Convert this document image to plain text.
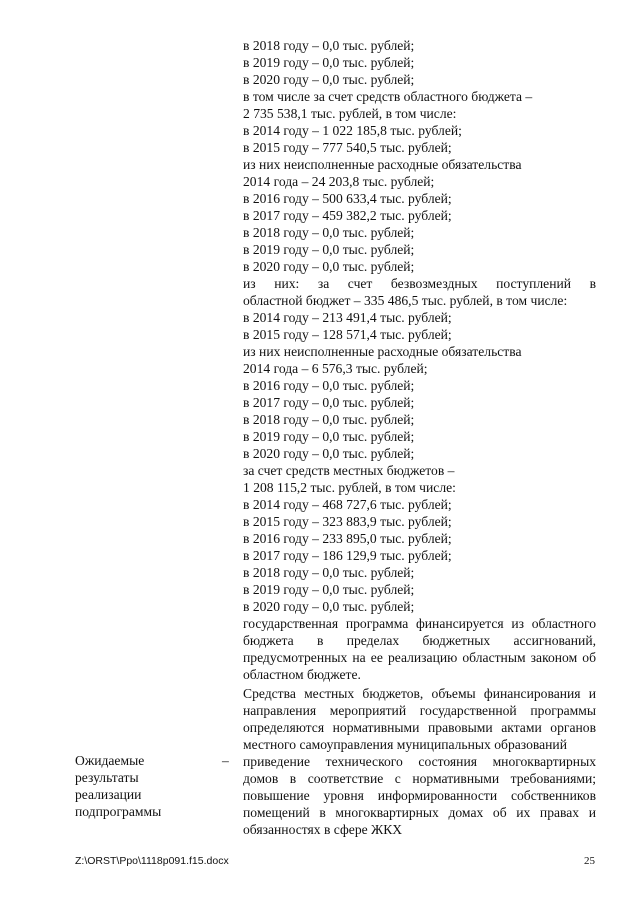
в 2018 году – 0,0 тыс. рублей;
в 2019 году – 0,0 тыс. рублей;
в 2020 году – 0,0 тыс. рублей;
в том числе за счет средств областного бюджета –
2 735 538,1 тыс. рублей, в том числе:
в 2014 году – 1 022 185,8 тыс. рублей;
в 2015 году – 777 540,5 тыс. рублей;
из них неисполненные расходные обязательства
2014 года – 24 203,8 тыс. рублей;
в 2016 году – 500 633,4 тыс. рублей;
в 2017 году – 459 382,2 тыс. рублей;
в 2018 году – 0,0 тыс. рублей;
в 2019 году – 0,0 тыс. рублей;
в 2020 году – 0,0 тыс. рублей;
из них: за счет безвозмездных поступлений в
областной бюджет – 335 486,5 тыс. рублей, в том числе:
в 2014 году – 213 491,4 тыс. рублей;
в 2015 году – 128 571,4 тыс. рублей;
из них неисполненные расходные обязательства
2014 года – 6 576,3 тыс. рублей;
в 2016 году – 0,0 тыс. рублей;
в 2017 году – 0,0 тыс. рублей;
в 2018 году – 0,0 тыс. рублей;
в 2019 году – 0,0 тыс. рублей;
в 2020 году – 0,0 тыс. рублей;
за счет средств местных бюджетов –
1 208 115,2 тыс. рублей, в том числе:
в 2014 году – 468 727,6 тыс. рублей;
в 2015 году – 323 883,9 тыс. рублей;
в 2016 году – 233 895,0 тыс. рублей;
в 2017 году – 186 129,9 тыс. рублей;
в 2018 году – 0,0 тыс. рублей;
в 2019 году – 0,0 тыс. рублей;
в 2020 году – 0,0 тыс. рублей;
государственная программа финансируется из областного
бюджета в пределах бюджетных ассигнований,
предусмотренных на ее реализацию областным законом об
областном бюджете.
Средства местных бюджетов, объемы финансирования и
направления мероприятий государственной программы
определяются нормативными правовыми актами органов
местного самоуправления муниципальных образований
приведение технического состояния многоквартирных
домов в соответствие с нормативными требованиями;
повышение уровня информированности собственников
помещений в многоквартирных домах об их правах и
обязанностях в сфере ЖКХ
Ожидаемые
результаты
реализации
подпрограммы
–
Z:\ORST\Ppo\1118p091.f15.docx	25
